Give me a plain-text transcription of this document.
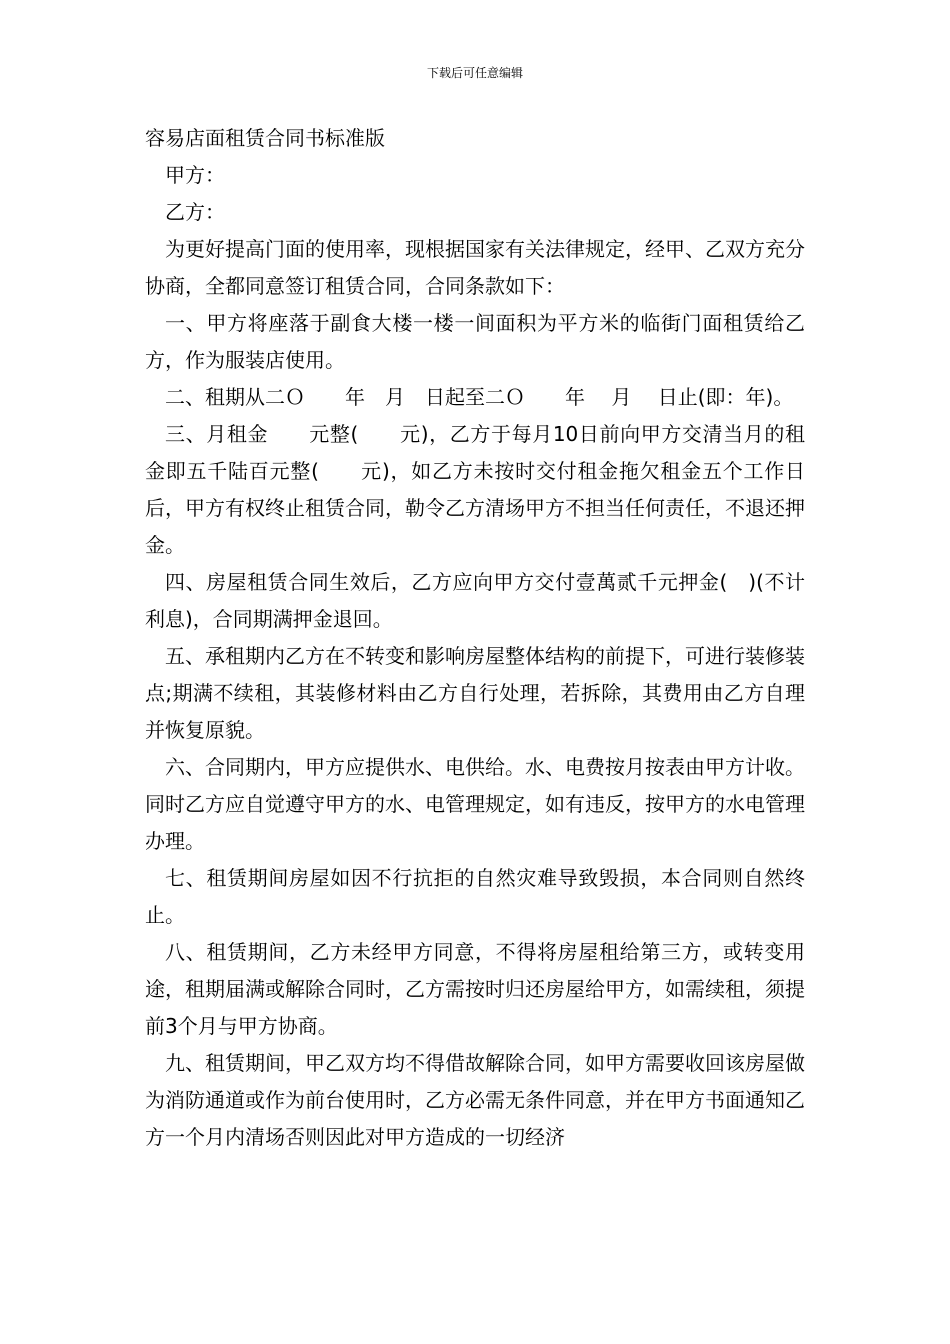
下载后可任意编辑
容易店面租赁合同书标准版

甲方：

乙方：

为更好提高门面的使用率，现根据国家有关法律规定，经甲、乙双方充分协商，全都同意签订租赁合同，合同条款如下：

一、甲方将座落于副食大楼一楼一间面积为平方米的临街门面租赁给乙方，作为服装店使用。

二、租期从二Ｏ　　年　月　日起至二Ｏ　　年　 月　 日止(即：年)。

三、月租金　　元整(　　元)，乙方于每月10日前向甲方交清当月的租金即五千陆百元整(　　元)，如乙方未按时交付租金拖欠租金五个工作日后，甲方有权终止租赁合同，勒令乙方清场甲方不担当任何责任，不退还押金。

四、房屋租赁合同生效后，乙方应向甲方交付壹萬贰千元押金(　)(不计利息)，合同期满押金退回。

五、承租期内乙方在不转变和影响房屋整体结构的前提下，可进行装修装点;期满不续租，其装修材料由乙方自行处理，若拆除，其费用由乙方自理并恢复原貌。

六、合同期内，甲方应提供水、电供给。水、电费按月按表由甲方计收。同时乙方应自觉遵守甲方的水、电管理规定，如有违反，按甲方的水电管理办理。

七、租赁期间房屋如因不行抗拒的自然灾难导致毁损，本合同则自然终止。

八、租赁期间，乙方未经甲方同意，不得将房屋租给第三方，或转变用途，租期届满或解除合同时，乙方需按时归还房屋给甲方，如需续租，须提前3个月与甲方协商。

九、租赁期间，甲乙双方均不得借故解除合同，如甲方需要收回该房屋做为消防通道或作为前台使用时，乙方必需无条件同意，并在甲方书面通知乙方一个月内清场否则因此对甲方造成的一切经济
